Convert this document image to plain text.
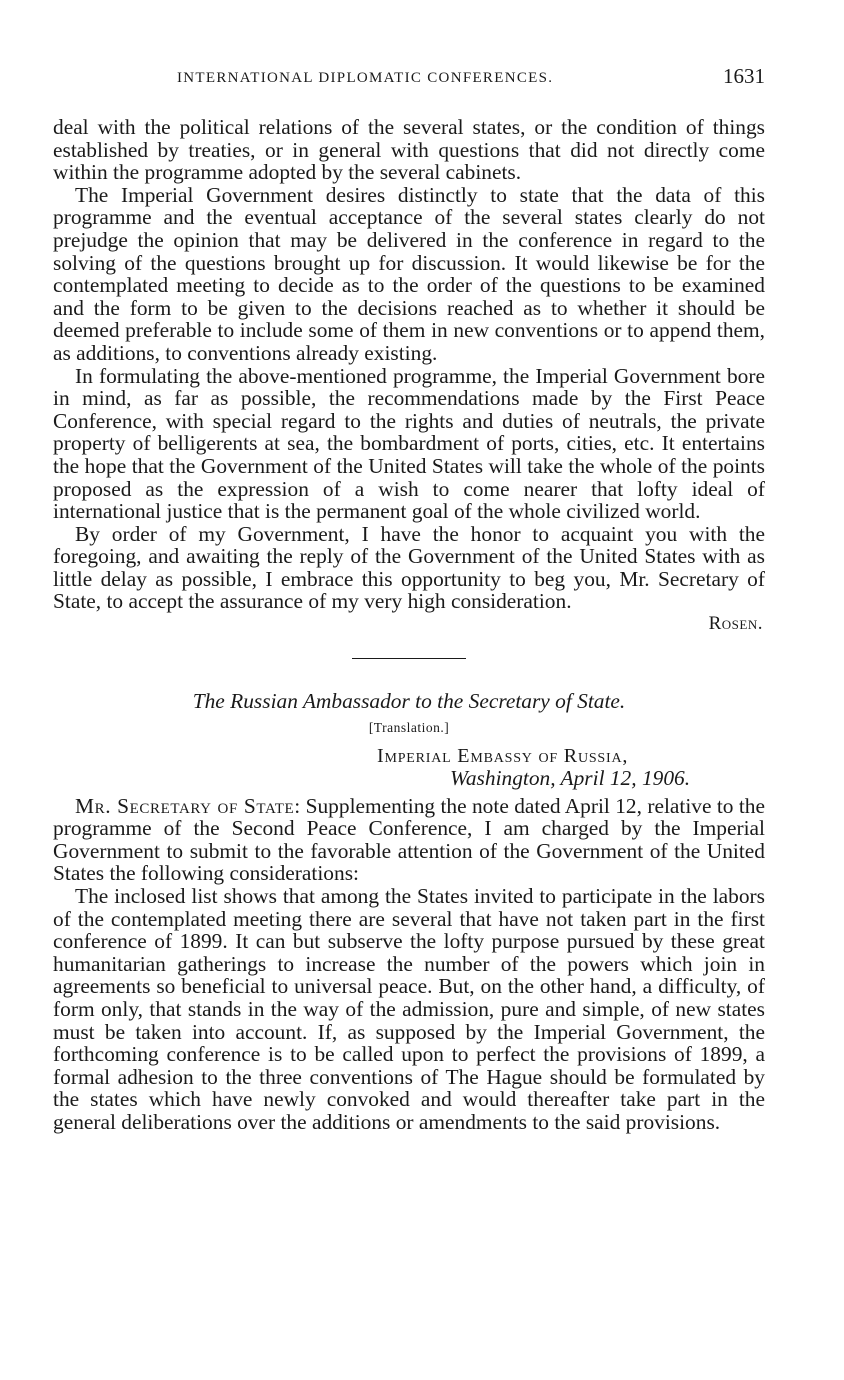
INTERNATIONAL DIPLOMATIC CONFERENCES.	1631

deal with the political relations of the several states, or the condition of things established by treaties, or in general with questions that did not directly come within the programme adopted by the several cabinets.

The Imperial Government desires distinctly to state that the data of this programme and the eventual acceptance of the several states clearly do not prejudge the opinion that may be delivered in the conference in regard to the solving of the questions brought up for discussion. It would likewise be for the contemplated meeting to decide as to the order of the questions to be examined and the form to be given to the decisions reached as to whether it should be deemed preferable to include some of them in new conventions or to append them, as additions, to conventions already existing.

In formulating the above-mentioned programme, the Imperial Government bore in mind, as far as possible, the recommendations made by the First Peace Conference, with special regard to the rights and duties of neutrals, the private property of belligerents at sea, the bombardment of ports, cities, etc. It entertains the hope that the Government of the United States will take the whole of the points proposed as the expression of a wish to come nearer that lofty ideal of international justice that is the permanent goal of the whole civilized world.

By order of my Government, I have the honor to acquaint you with the foregoing, and awaiting the reply of the Government of the United States with as little delay as possible, I embrace this opportunity to beg you, Mr. Secretary of State, to accept the assurance of my very high consideration.

Rosen.
The Russian Ambassador to the Secretary of State.
[Translation.]
Imperial Embassy of Russia,
Washington, April 12, 1906.

Mr. Secretary of State: Supplementing the note dated April 12, relative to the programme of the Second Peace Conference, I am charged by the Imperial Government to submit to the favorable attention of the Government of the United States the following considerations:

The inclosed list shows that among the States invited to participate in the labors of the contemplated meeting there are several that have not taken part in the first conference of 1899. It can but subserve the lofty purpose pursued by these great humanitarian gatherings to increase the number of the powers which join in agreements so beneficial to universal peace. But, on the other hand, a difficulty, of form only, that stands in the way of the admission, pure and simple, of new states must be taken into account. If, as supposed by the Imperial Government, the forthcoming conference is to be called upon to perfect the provisions of 1899, a formal adhesion to the three conventions of The Hague should be formulated by the states which have newly convoked and would thereafter take part in the general deliberations over the additions or amendments to the said provisions.
